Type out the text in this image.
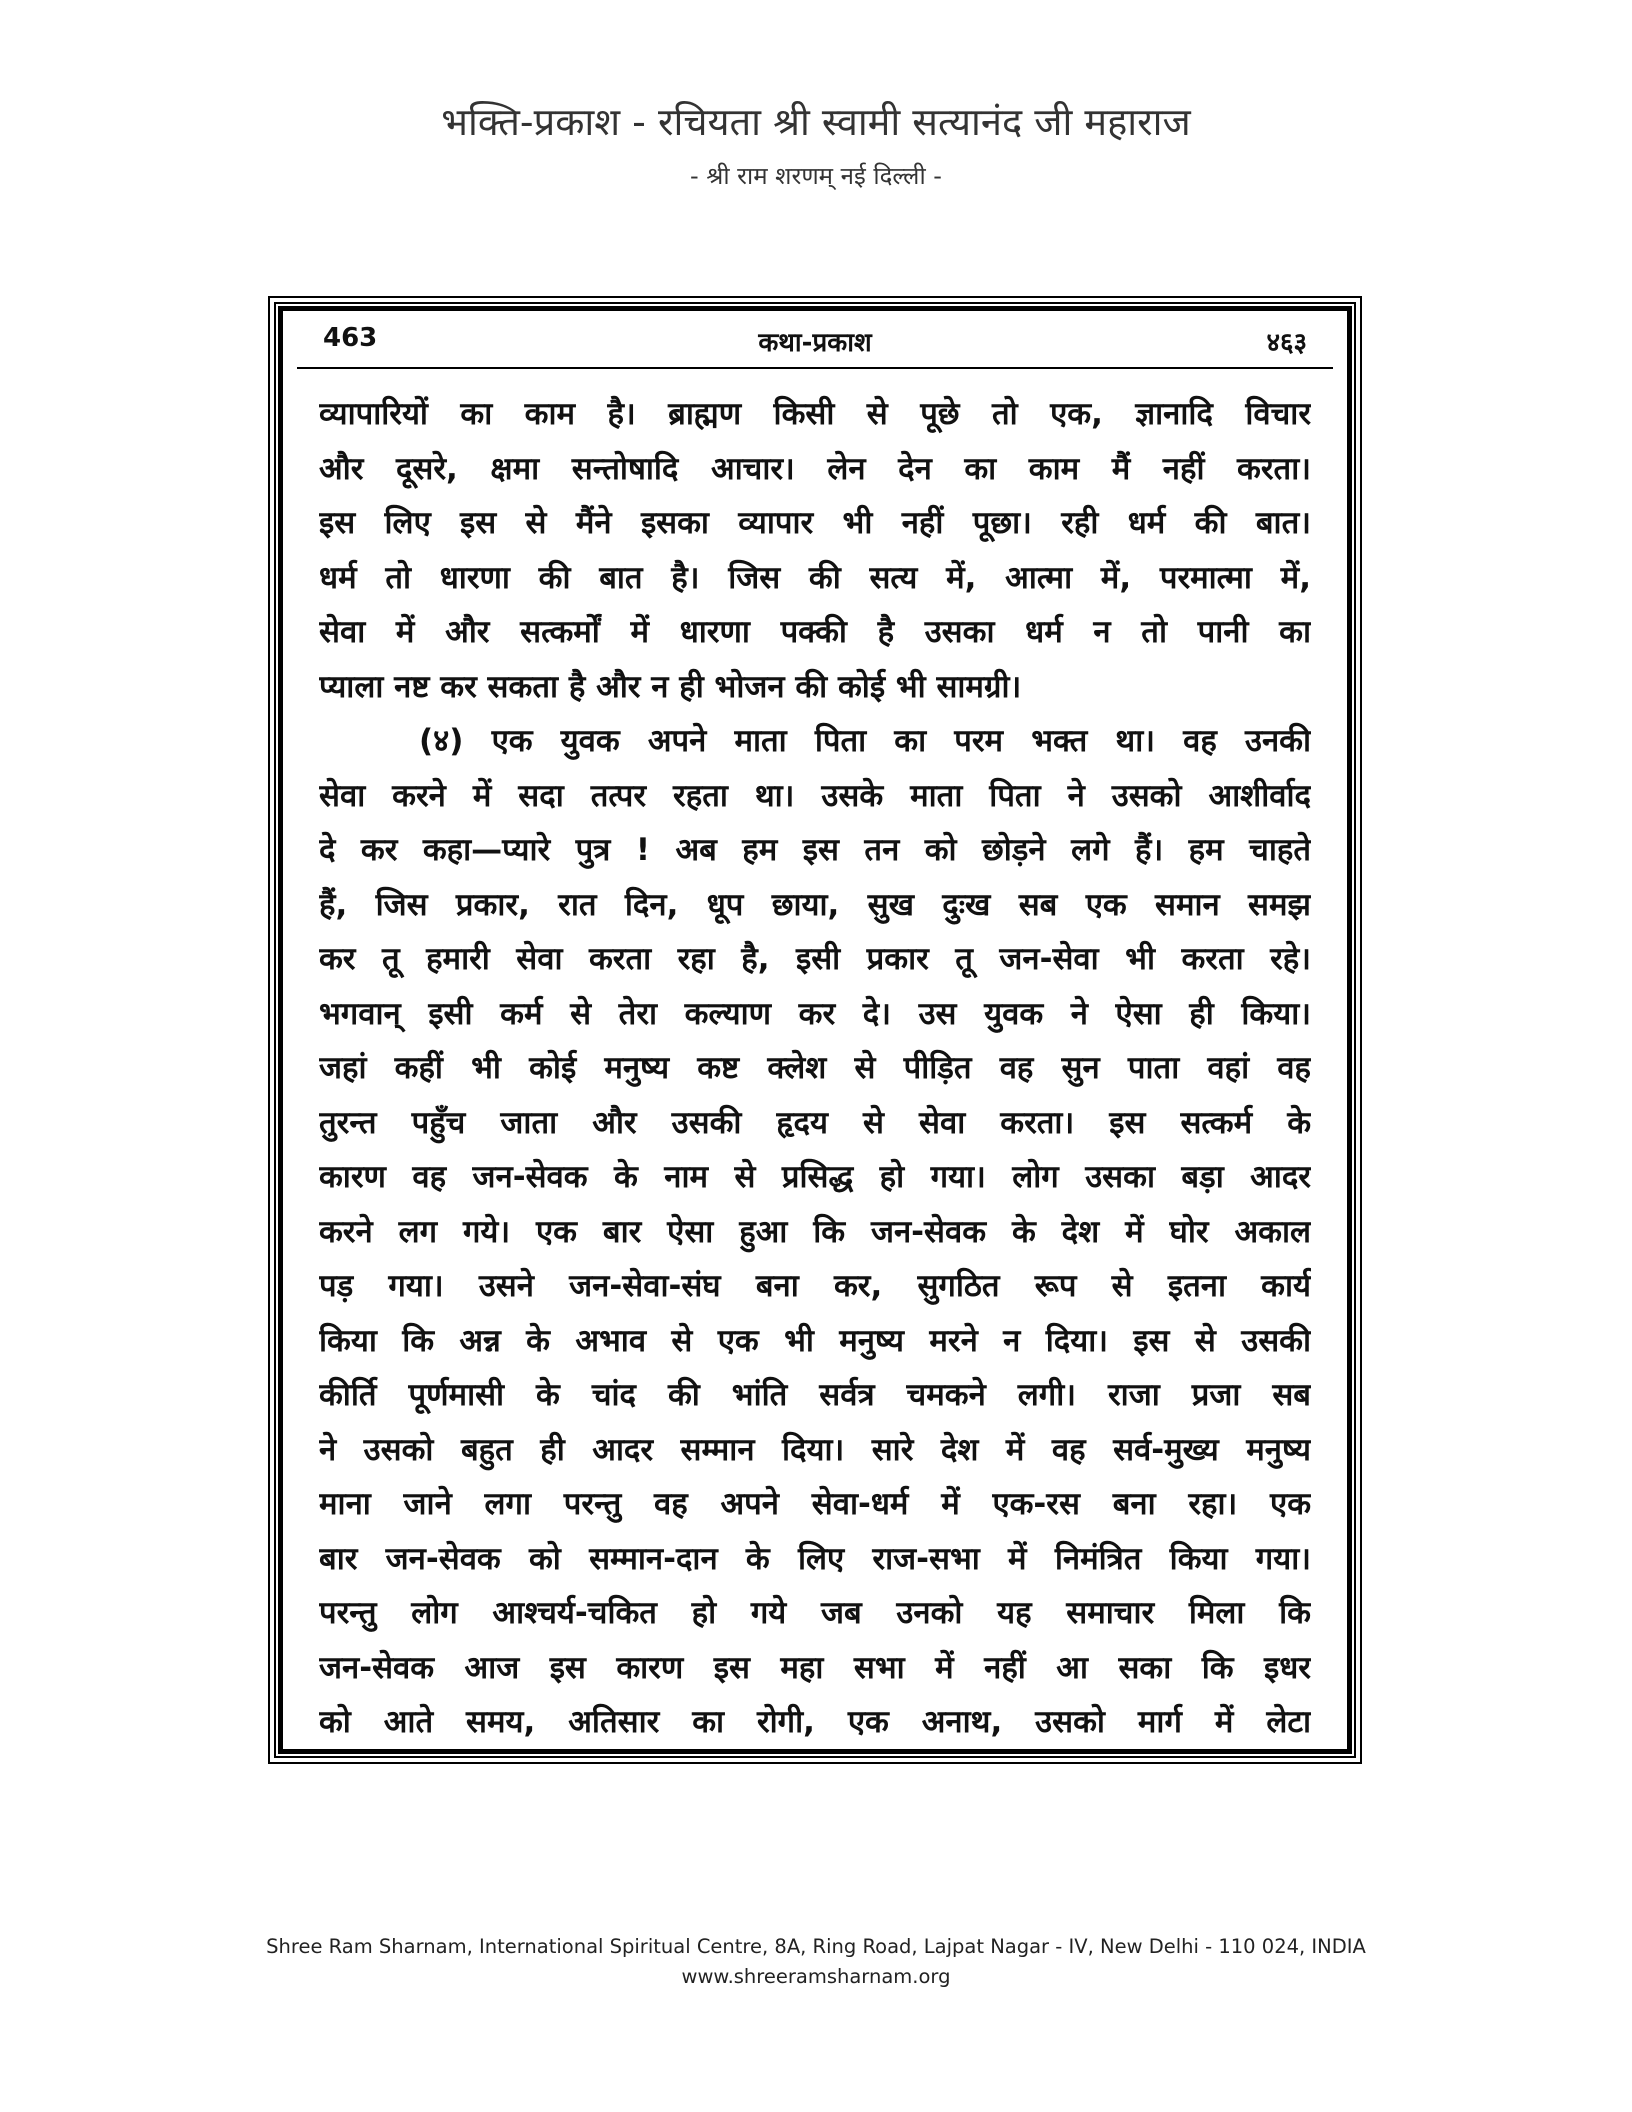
भक्ति-प्रकाश - रचियता श्री स्वामी सत्यानंद जी महाराज
- श्री राम शरणम् नई दिल्ली -
463	कथा-प्रकाश	४६३
व्यापारियों का काम है। ब्राह्मण किसी से पूछे तो एक, ज्ञानादि विचार
और दूसरे, क्षमा सन्तोषादि आचार। लेन देन का काम मैं नहीं करता।
इस लिए इस से मैंने इसका व्यापार भी नहीं पूछा। रही धर्म की बात।
धर्म तो धारणा की बात है। जिस की सत्य में, आत्मा में, परमात्मा में,
सेवा में और सत्कर्मों में धारणा पक्की है उसका धर्म न तो पानी का
प्याला नष्ट कर सकता है और न ही भोजन की कोई भी सामग्री।
(४) एक युवक अपने माता पिता का परम भक्त था। वह उनकी
सेवा करने में सदा तत्पर रहता था। उसके माता पिता ने उसको आशीर्वाद
दे कर कहा—प्यारे पुत्र ! अब हम इस तन को छोड़ने लगे हैं। हम चाहते
हैं, जिस प्रकार, रात दिन, धूप छाया, सुख दुःख सब एक समान समझ
कर तू हमारी सेवा करता रहा है, इसी प्रकार तू जन-सेवा भी करता रहे।
भगवान् इसी कर्म से तेरा कल्याण कर दे। उस युवक ने ऐसा ही किया।
जहां कहीं भी कोई मनुष्य कष्ट क्लेश से पीड़ित वह सुन पाता वहां वह
तुरन्त पहुँच जाता और उसकी हृदय से सेवा करता। इस सत्कर्म के
कारण वह जन-सेवक के नाम से प्रसिद्ध हो गया। लोग उसका बड़ा आदर
करने लग गये। एक बार ऐसा हुआ कि जन-सेवक के देश में घोर अकाल
पड़ गया। उसने जन-सेवा-संघ बना कर, सुगठित रूप से इतना कार्य
किया कि अन्न के अभाव से एक भी मनुष्य मरने न दिया। इस से उसकी
कीर्ति पूर्णमासी के चांद की भांति सर्वत्र चमकने लगी। राजा प्रजा सब
ने उसको बहुत ही आदर सम्मान दिया। सारे देश में वह सर्व-मुख्य मनुष्य
माना जाने लगा परन्तु वह अपने सेवा-धर्म में एक-रस बना रहा। एक
बार जन-सेवक को सम्मान-दान के लिए राज-सभा में निमंत्रित किया गया।
परन्तु लोग आश्चर्य-चकित हो गये जब उनको यह समाचार मिला कि
जन-सेवक आज इस कारण इस महा सभा में नहीं आ सका कि इधर
को आते समय, अतिसार का रोगी, एक अनाथ, उसको मार्ग में लेटा
Shree Ram Sharnam, International Spiritual Centre, 8A, Ring Road, Lajpat Nagar - IV, New Delhi - 110 024, INDIA
www.shreeramsharnam.org
